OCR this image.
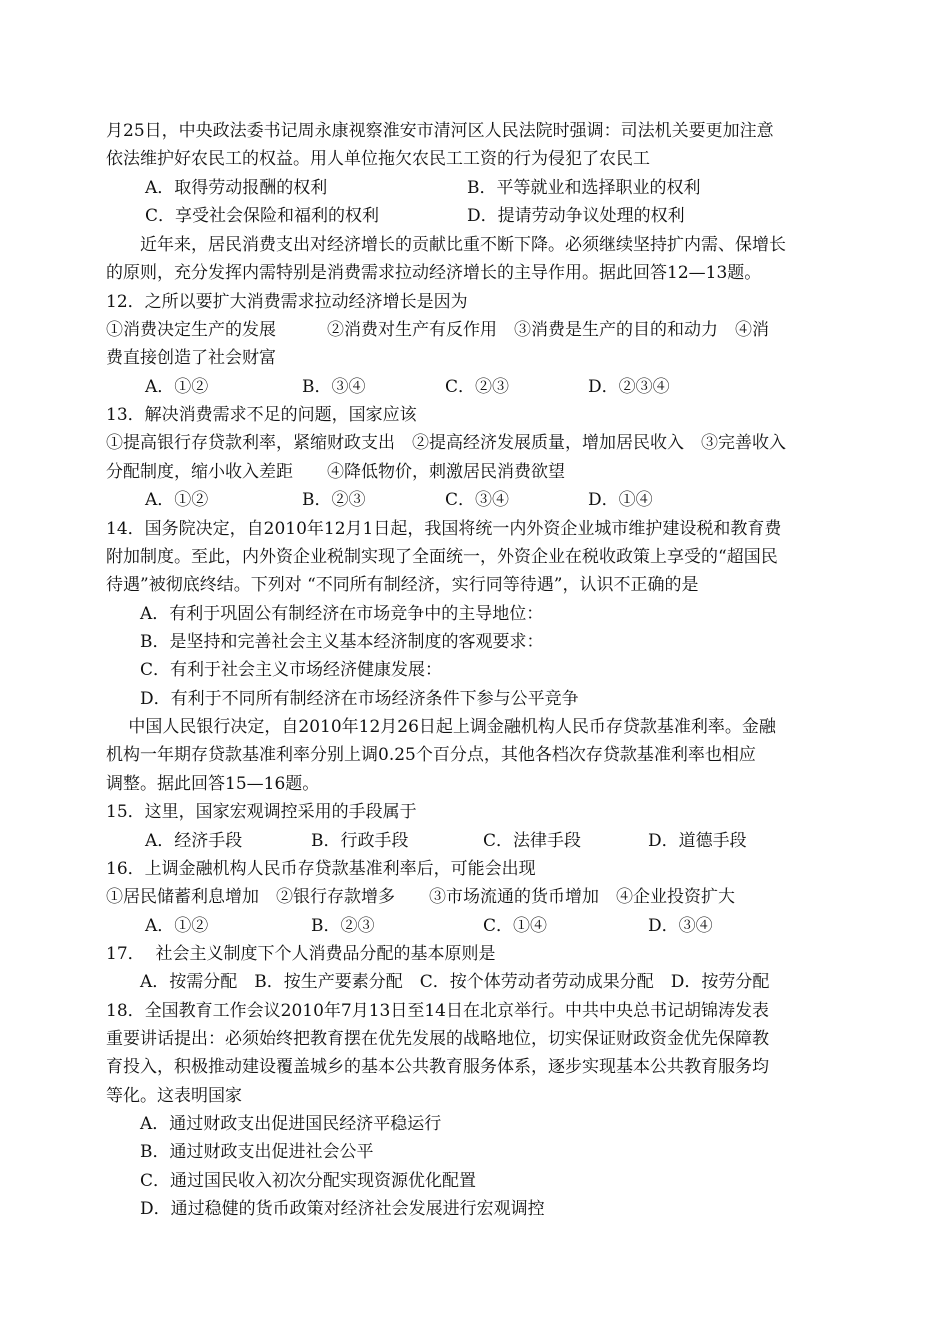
月25日，中央政法委书记周永康视察淮安市清河区人民法院时强调：司法机关要更加注意
依法维护好农民工的权益。用人单位拖欠农民工工资的行为侵犯了农民工
A．取得劳动报酬的权利	B．平等就业和选择职业的权利
C．享受社会保险和福利的权利	D．提请劳动争议处理的权利
　　近年来，居民消费支出对经济增长的贡献比重不断下降。必须继续坚持扩内需、保增长
的原则，充分发挥内需特别是消费需求拉动经济增长的主导作用。据此回答12—13题。
12．之所以要扩大消费需求拉动经济增长是因为
①消费决定生产的发展　　　②消费对生产有反作用　③消费是生产的目的和动力　④消
费直接创造了社会财富
A．①②	B．③④	C．②③	D．②③④
13．解决消费需求不足的问题，国家应该
①提高银行存贷款利率，紧缩财政支出　②提高经济发展质量，增加居民收入　③完善收入
分配制度，缩小收入差距　　④降低物价，刺激居民消费欲望
A．①②	B．②③	C．③④	D．①④
14．国务院决定，自2010年12月1日起，我国将统一内外资企业城市维护建设税和教育费
附加制度。至此，内外资企业税制实现了全面统一，外资企业在税收政策上享受的“超国民
待遇”被彻底终结。下列对 “不同所有制经济，实行同等待遇”，认识不正确的是
　　A．有利于巩固公有制经济在市场竞争中的主导地位：
　　B．是坚持和完善社会主义基本经济制度的客观要求：
　　C．有利于社会主义市场经济健康发展：
　　D．有利于不同所有制经济在市场经济条件下参与公平竞争
　 中国人民银行决定，自2010年12月26日起上调金融机构人民币存贷款基准利率。金融
机构一年期存贷款基准利率分别上调0.25个百分点，其他各档次存贷款基准利率也相应
调整。据此回答15—16题。
15．这里，国家宏观调控采用的手段属于
A．经济手段	B．行政手段	C．法律手段	D．道德手段
16．上调金融机构人民币存贷款基准利率后，可能会出现
①居民储蓄利息增加　②银行存款增多　　③市场流通的货币增加　④企业投资扩大
A．①②	B．②③	C．①④	D．③④
17．  社会主义制度下个人消费品分配的基本原则是
　　A．按需分配　B．按生产要素分配　C．按个体劳动者劳动成果分配　D．按劳分配
18．全国教育工作会议2010年7月13日至14日在北京举行。中共中央总书记胡锦涛发表
重要讲话提出：必须始终把教育摆在优先发展的战略地位，切实保证财政资金优先保障教
育投入，积极推动建设覆盖城乡的基本公共教育服务体系，逐步实现基本公共教育服务均
等化。这表明国家
　　A．通过财政支出促进国民经济平稳运行
　　B．通过财政支出促进社会公平
　　C．通过国民收入初次分配实现资源优化配置
　　D．通过稳健的货币政策对经济社会发展进行宏观调控
